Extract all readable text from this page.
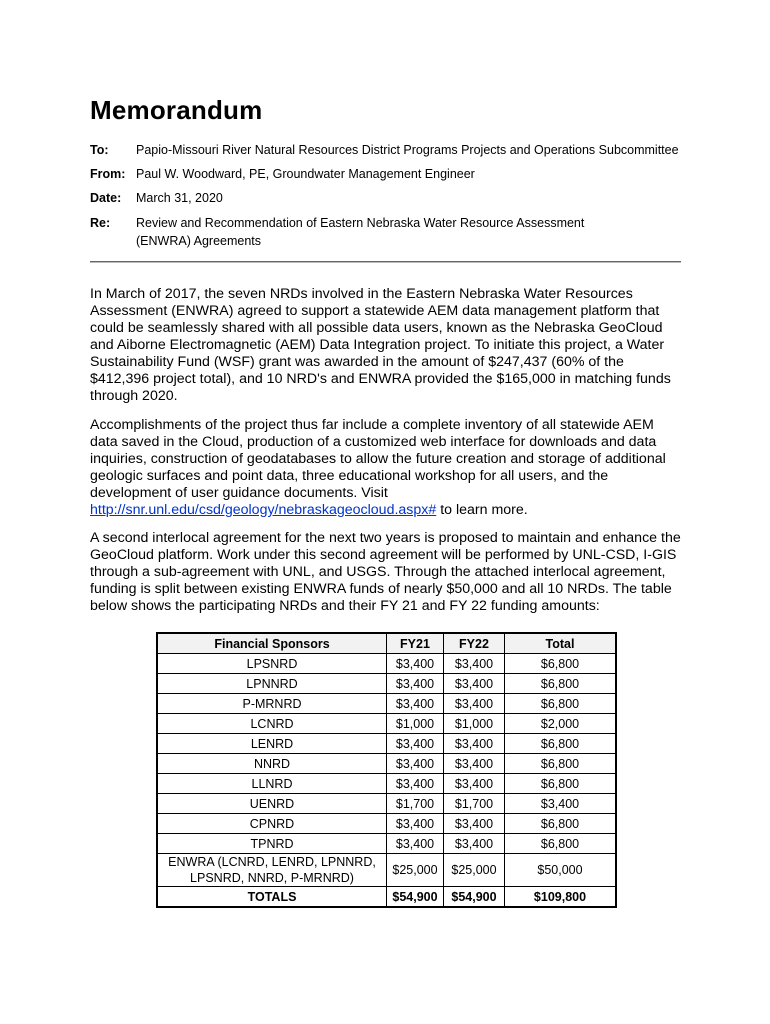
Memorandum
To:	Papio-Missouri River Natural Resources District Programs Projects and Operations Subcommittee
From: Paul W. Woodward, PE, Groundwater Management Engineer
Date:	March 31, 2020
Re:	Review and Recommendation of Eastern Nebraska Water Resource Assessment (ENWRA) Agreements
In March of 2017, the seven NRDs involved in the Eastern Nebraska Water Resources Assessment (ENWRA) agreed to support a statewide AEM data management platform that could be seamlessly shared with all possible data users, known as the Nebraska GeoCloud and Aiborne Electromagnetic (AEM) Data Integration project. To initiate this project, a Water Sustainability Fund (WSF) grant was awarded in the amount of $247,437 (60% of the $412,396 project total), and 10 NRD's and ENWRA provided the $165,000 in matching funds through 2020.
Accomplishments of the project thus far include a complete inventory of all statewide AEM data saved in the Cloud, production of a customized web interface for downloads and data inquiries, construction of geodatabases to allow the future creation and storage of additional geologic surfaces and point data, three educational workshop for all users, and the development of user guidance documents. Visit http://snr.unl.edu/csd/geology/nebraskageocloud.aspx# to learn more.
A second interlocal agreement for the next two years is proposed to maintain and enhance the GeoCloud platform. Work under this second agreement will be performed by UNL-CSD, I-GIS through a sub-agreement with UNL, and USGS. Through the attached interlocal agreement, funding is split between existing ENWRA funds of nearly $50,000 and all 10 NRDs. The table below shows the participating NRDs and their FY 21 and FY 22 funding amounts:
Financial Sponsors	FY21	FY22	Total
LPSNRD	$3,400	$3,400	$6,800
LPNNRD	$3,400	$3,400	$6,800
P-MRNRD	$3,400	$3,400	$6,800
LCNRD	$1,000	$1,000	$2,000
LENRD	$3,400	$3,400	$6,800
NNRD	$3,400	$3,400	$6,800
LLNRD	$3,400	$3,400	$6,800
UENRD	$1,700	$1,700	$3,400
CPNRD	$3,400	$3,400	$6,800
TPNRD	$3,400	$3,400	$6,800
ENWRA (LCNRD, LENRD, LPNNRD, LPSNRD, NNRD, P-MRNRD)	$25,000	$25,000	$50,000
TOTALS	$54,900	$54,900	$109,800
